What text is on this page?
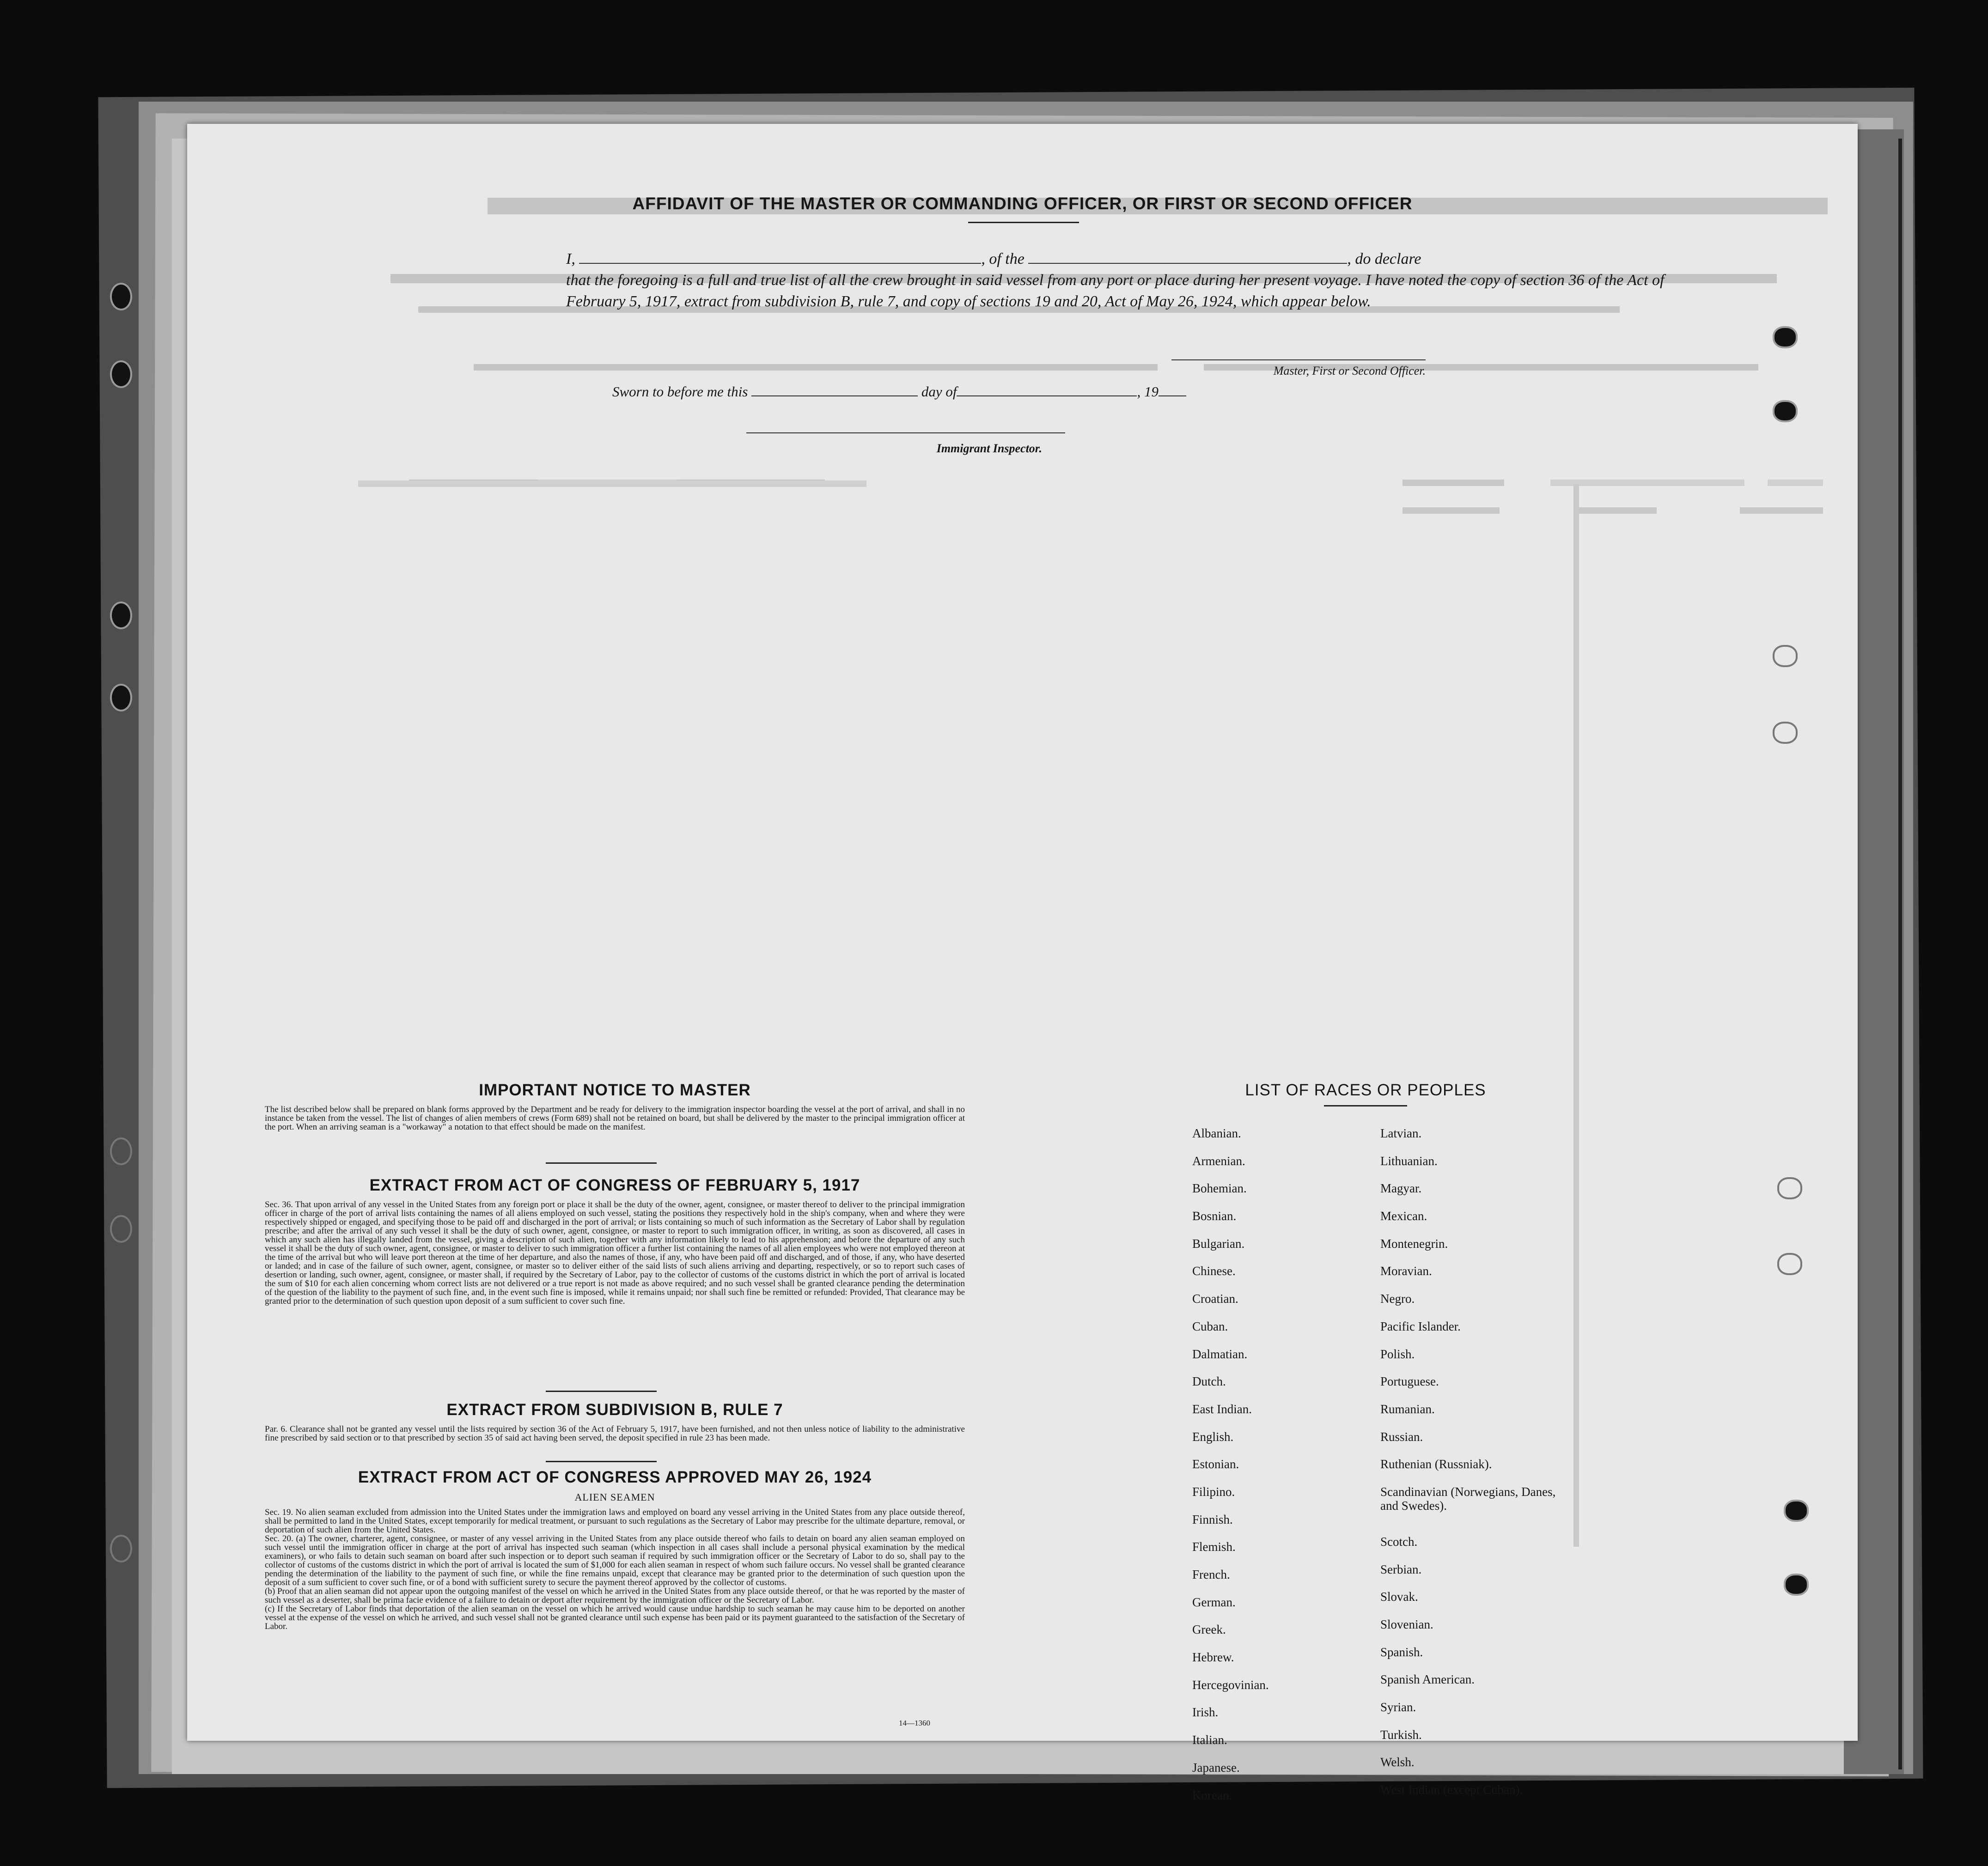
AFFIDAVIT OF THE MASTER OR COMMANDING OFFICER, OR FIRST OR SECOND OFFICER

I,	, of the	, do declare

that the foregoing is a full and true list of all the crew brought in said vessel from any port or place during her present voyage. I have noted the copy of section 36 of the Act of February 5, 1917, extract from subdivision B, rule 7, and copy of sections 19 and 20, Act of May 26, 1924, which appear below.

Master, First or Second Officer.
Sworn to before me this	day of	, 19
Immigrant Inspector.
IMPORTANT NOTICE TO MASTER
The list described below shall be prepared on blank forms approved by the Department and be ready for delivery to the immigration inspector boarding the vessel at the port of arrival, and shall in no instance be taken from the vessel. The list of changes of alien members of crews (Form 689) shall not be retained on board, but shall be delivered by the master to the principal immigration officer at the port. When an arriving seaman is a "workaway" a notation to that effect should be made on the manifest.
EXTRACT FROM ACT OF CONGRESS OF FEBRUARY 5, 1917
Sec. 36. That upon arrival of any vessel in the United States from any foreign port or place it shall be the duty of the owner, agent, consignee, or master thereof to deliver to the principal immigration officer in charge of the port of arrival lists containing the names of all aliens employed on such vessel, stating the positions they respectively hold in the ship's company, when and where they were respectively shipped or engaged, and specifying those to be paid off and discharged in the port of arrival; or lists containing so much of such information as the Secretary of Labor shall by regulation prescribe; and after the arrival of any such vessel it shall be the duty of such owner, agent, consignee, or master to report to such immigration officer, in writing, as soon as discovered, all cases in which any such alien has illegally landed from the vessel, giving a description of such alien, together with any information likely to lead to his apprehension; and before the departure of any such vessel it shall be the duty of such owner, agent, consignee, or master to deliver to such immigration officer a further list containing the names of all alien employees who were not employed thereon at the time of the arrival but who will leave port thereon at the time of her departure, and also the names of those, if any, who have been paid off and discharged, and of those, if any, who have deserted or landed; and in case of the failure of such owner, agent, consignee, or master so to deliver either of the said lists of such aliens arriving and departing, respectively, or so to report such cases of desertion or landing, such owner, agent, consignee, or master shall, if required by the Secretary of Labor, pay to the collector of customs of the customs district in which the port of arrival is located the sum of $10 for each alien concerning whom correct lists are not delivered or a true report is not made as above required; and no such vessel shall be granted clearance pending the determination of the question of the liability to the payment of such fine, and, in the event such fine is imposed, while it remains unpaid; nor shall such fine be remitted or refunded: Provided, That clearance may be granted prior to the determination of such question upon deposit of a sum sufficient to cover such fine.
EXTRACT FROM SUBDIVISION B, RULE 7
Par. 6. Clearance shall not be granted any vessel until the lists required by section 36 of the Act of February 5, 1917, have been furnished, and not then unless notice of liability to the administrative fine prescribed by said section or to that prescribed by section 35 of said act having been served, the deposit specified in rule 23 has been made.
EXTRACT FROM ACT OF CONGRESS APPROVED MAY 26, 1924
ALIEN SEAMEN

Sec. 19. No alien seaman excluded from admission into the United States under the immigration laws and employed on board any vessel arriving in the United States from any place outside thereof, shall be permitted to land in the United States, except temporarily for medical treatment, or pursuant to such regulations as the Secretary of Labor may prescribe for the ultimate departure, removal, or deportation of such alien from the United States.

Sec. 20. (a) The owner, charterer, agent, consignee, or master of any vessel arriving in the United States from any place outside thereof who fails to detain on board any alien seaman employed on such vessel until the immigration officer in charge at the port of arrival has inspected such seaman (which inspection in all cases shall include a personal physical examination by the medical examiners), or who fails to detain such seaman on board after such inspection or to deport such seaman if required by such immigration officer or the Secretary of Labor to do so, shall pay to the collector of customs of the customs district in which the port of arrival is located the sum of $1,000 for each alien seaman in respect of whom such failure occurs. No vessel shall be granted clearance pending the determination of the liability to the payment of such fine, or while the fine remains unpaid, except that clearance may be granted prior to the determination of such question upon the deposit of a sum sufficient to cover such fine, or of a bond with sufficient surety to secure the payment thereof approved by the collector of customs.

(b) Proof that an alien seaman did not appear upon the outgoing manifest of the vessel on which he arrived in the United States from any place outside thereof, or that he was reported by the master of such vessel as a deserter, shall be prima facie evidence of a failure to detain or deport after requirement by the immigration officer or the Secretary of Labor.

(c) If the Secretary of Labor finds that deportation of the alien seaman on the vessel on which he arrived would cause undue hardship to such seaman he may cause him to be deported on another vessel at the expense of the vessel on which he arrived, and such vessel shall not be granted clearance until such expense has been paid or its payment guaranteed to the satisfaction of the Secretary of Labor.

14—1360
LIST OF RACES OR PEOPLES
Albanian.
Armenian.
Bohemian.
Bosnian.
Bulgarian.
Chinese.
Croatian.
Cuban.
Dalmatian.
Dutch.
East Indian.
English.
Estonian.
Filipino.
Finnish.
Flemish.
French.
German.
Greek.
Hebrew.
Hercegovinian.
Irish.
Italian.
Japanese.
Korean.
Latvian.
Lithuanian.
Magyar.
Mexican.
Montenegrin.
Moravian.
Negro.
Pacific Islander.
Polish.
Portuguese.
Rumanian.
Russian.
Ruthenian (Russniak).
Scandinavian (Norwegians, Danes, and Swedes).
Scotch.
Serbian.
Slovak.
Slovenian.
Spanish.
Spanish American.
Syrian.
Turkish.
Welsh.
West Indian (except Cuban).
